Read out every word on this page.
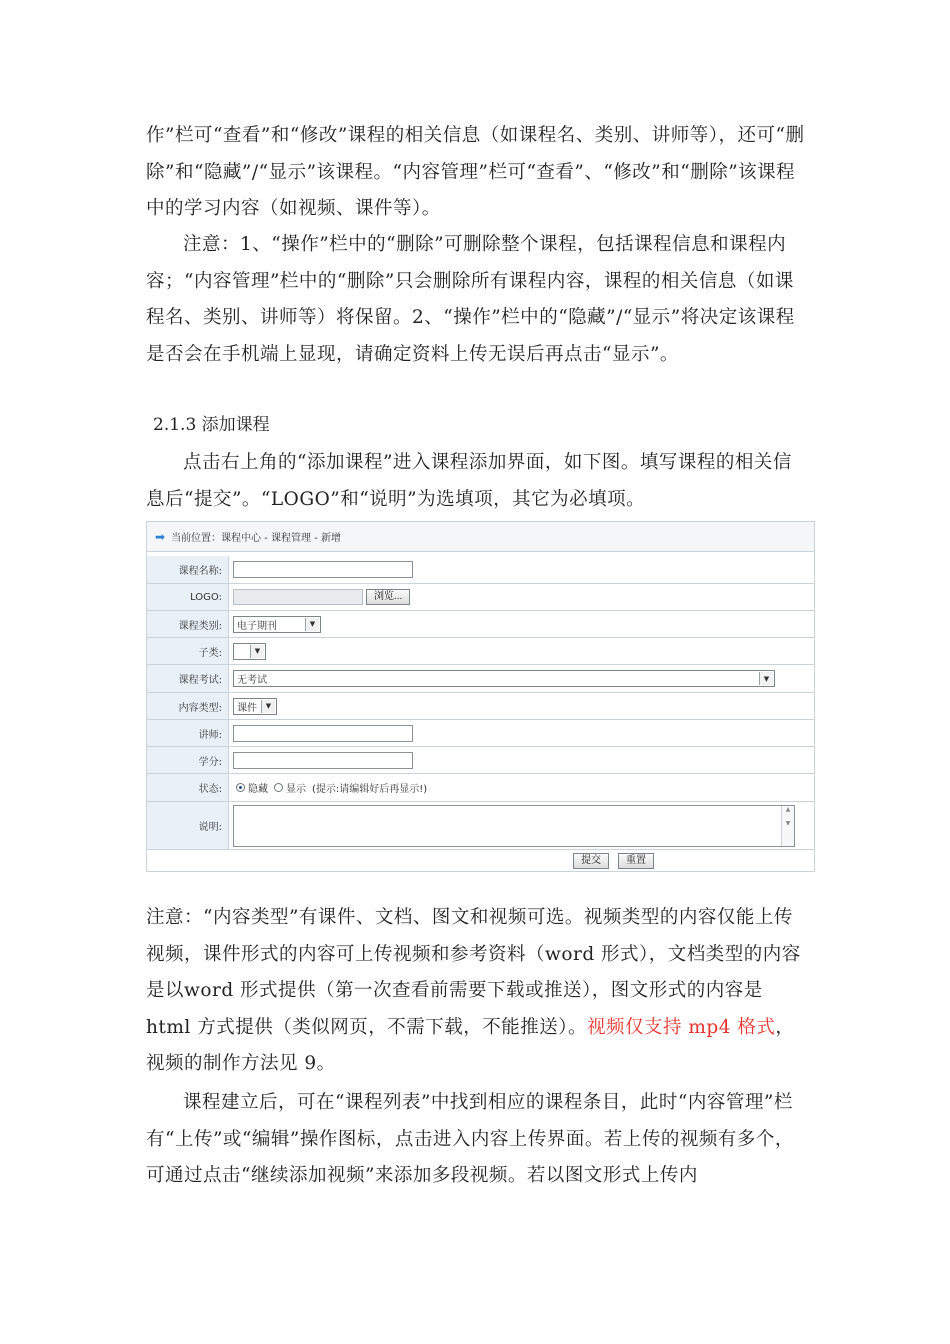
作”栏可“查看”和“修改”课程的相关信息（如课程名、类别、讲师等），还可“删除”和“隐藏”/“显示”该课程。“内容管理”栏可“查看”、“修改”和“删除”该课程中的学习内容（如视频、课件等）。

注意：1、“操作”栏中的“删除”可删除整个课程，包括课程信息和课程内容；“内容管理”栏中的“删除”只会删除所有课程内容，课程的相关信息（如课程名、类别、讲师等）将保留。2、“操作”栏中的“隐藏”/“显示”将决定该课程是否会在手机端上显现，请确定资料上传无误后再点击“显示”。

2.1.3 添加课程

点击右上角的“添加课程”进入课程添加界面，如下图。填写课程的相关信息后“提交”。“LOGO”和“说明”为选填项，其它为必填项。

➡ 当前位置：课程中心 - 课程管理 - 新增
课程名称:
LOGO:	浏览...
课程类别:	电子期刊	▼
子类:	▼
课程考试:	无考试	▼
内容类型:	课件	▼
讲师:
学分:
状态:	隐藏 显示 (提示:请编辑好后再显示!)
说明:
▲

▼
提交	重置

注意：“内容类型”有课件、文档、图文和视频可选。视频类型的内容仅能上传视频，课件形式的内容可上传视频和参考资料（word 形式），文档类型的内容是以word 形式提供（第一次查看前需要下载或推送），图文形式的内容是 html 方式提供（类似网页，不需下载，不能推送）。视频仅支持 mp4 格式，视频的制作方法见 9。

课程建立后，可在“课程列表”中找到相应的课程条目，此时“内容管理”栏有“上传”或“编辑”操作图标，点击进入内容上传界面。若上传的视频有多个，可通过点击“继续添加视频”来添加多段视频。若以图文形式上传内
